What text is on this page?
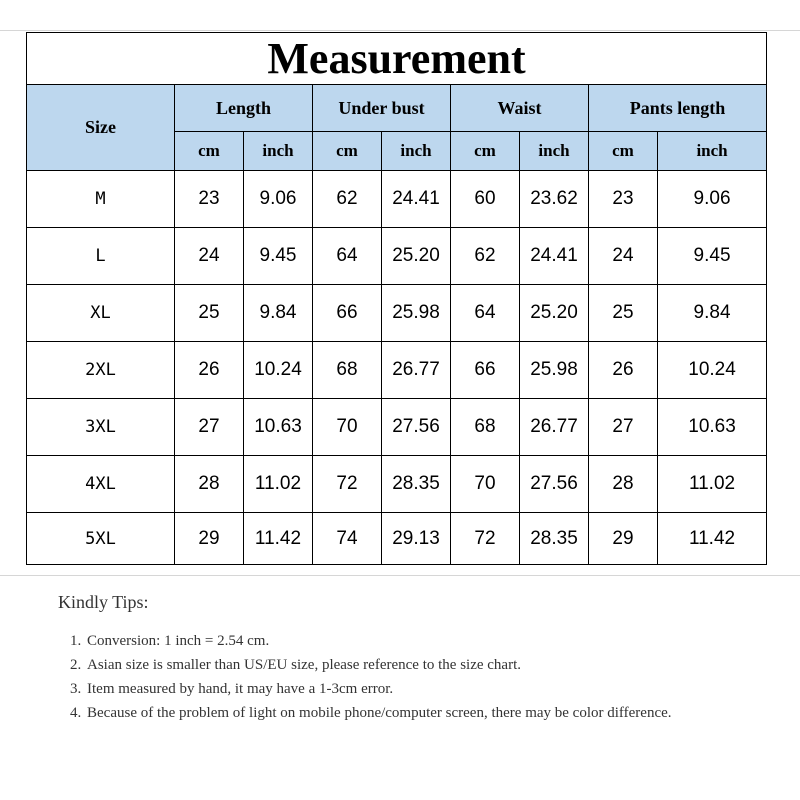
Measurement								
Size	Length		Under bust		Waist		Pants length	
	cm	inch	cm	inch	cm	inch	cm	inch
M	23	9.06	62	24.41	60	23.62	23	9.06
L	24	9.45	64	25.20	62	24.41	24	9.45
XL	25	9.84	66	25.98	64	25.20	25	9.84
2XL	26	10.24	68	26.77	66	25.98	26	10.24
3XL	27	10.63	70	27.56	68	26.77	27	10.63
4XL	28	11.02	72	28.35	70	27.56	28	11.02
5XL	29	11.42	74	29.13	72	28.35	29	11.42
Kindly Tips:
1. Conversion: 1 inch = 2.54 cm.
2. Asian size is smaller than US/EU size, please reference to the size chart.
3. Item measured by hand, it may have a 1-3cm error.
4. Because of the problem of light on mobile phone/computer screen, there may be color difference.
